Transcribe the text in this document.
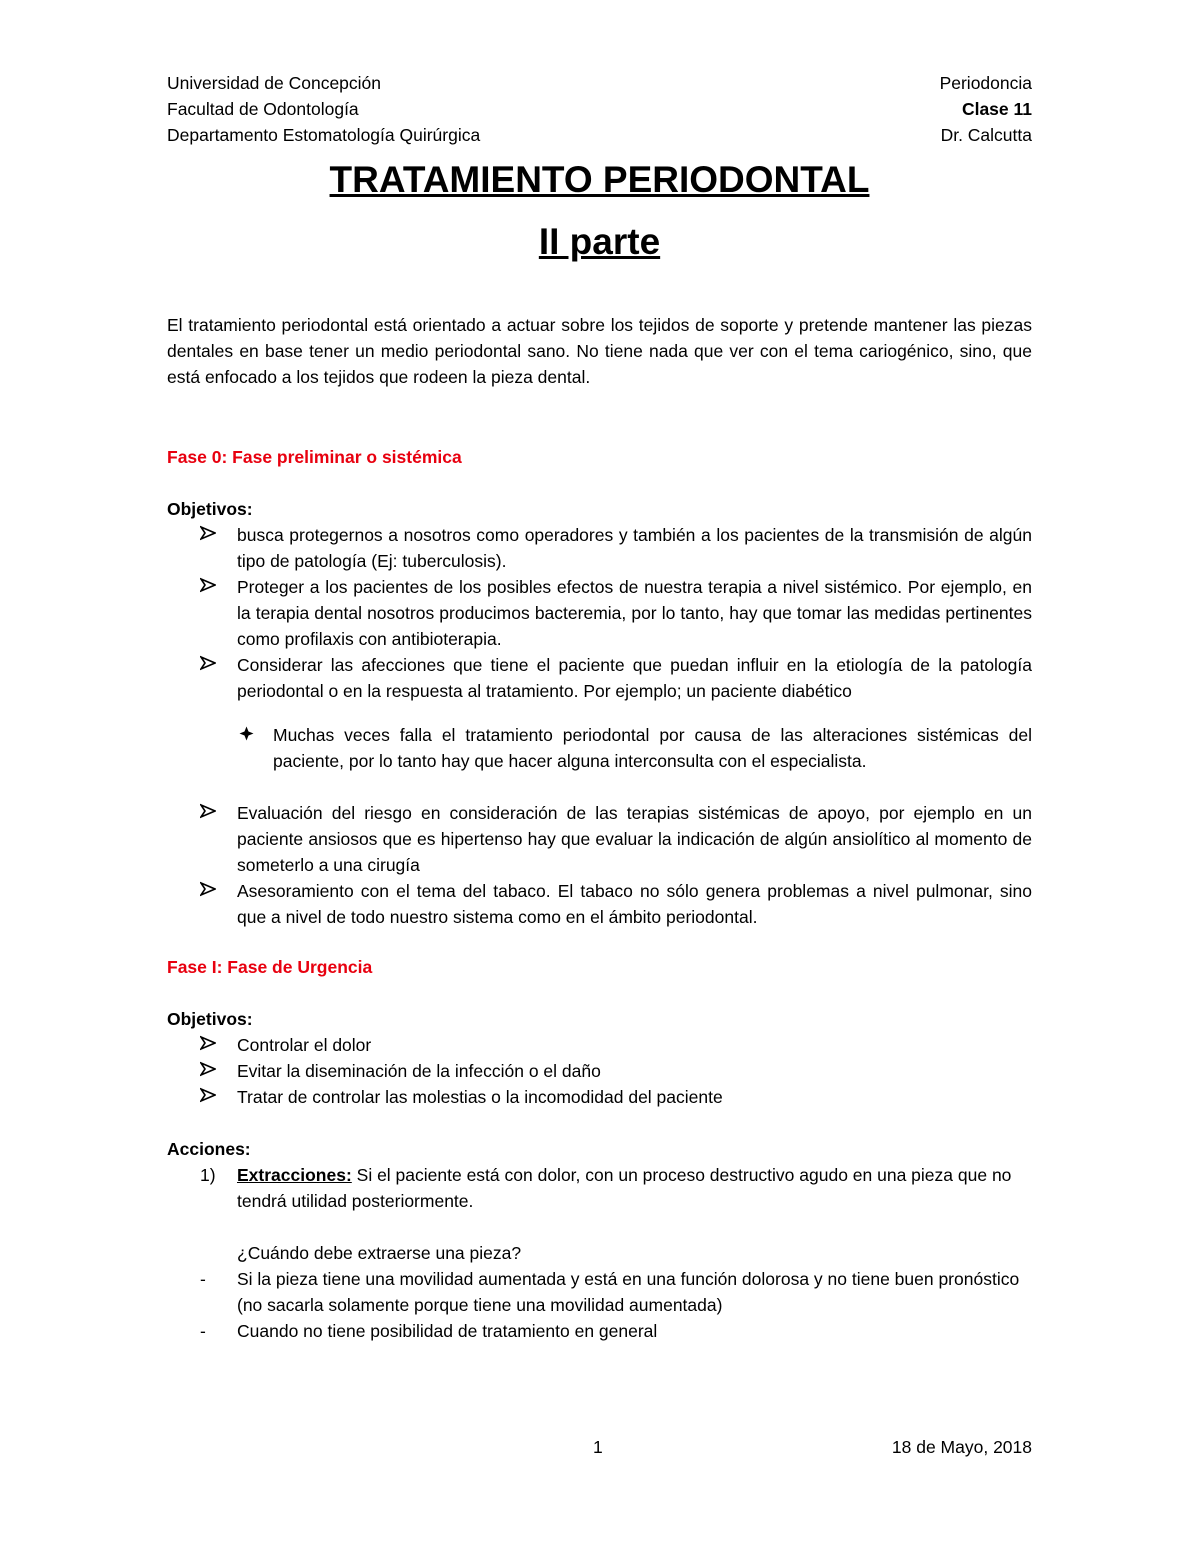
Universidad de Concepción	Periodoncia
Facultad de Odontología	Clase 11
Departamento Estomatología Quirúrgica	Dr. Calcutta
TRATAMIENTO PERIODONTAL
II parte

El tratamiento periodontal está orientado a actuar sobre los tejidos de soporte y pretende mantener las piezas dentales en base tener un medio periodontal sano. No tiene nada que ver con el tema cariogénico, sino, que está enfocado a los tejidos que rodeen la pieza dental.

Fase 0: Fase preliminar o sistémica

Objetivos:

busca protegernos a nosotros como operadores y también a los pacientes de la transmisión de algún tipo de patología (Ej: tuberculosis).
Proteger a los pacientes de los posibles efectos de nuestra terapia a nivel sistémico. Por ejemplo, en la terapia dental nosotros producimos bacteremia, por lo tanto, hay que tomar las medidas pertinentes como profilaxis con antibioterapia.
Considerar las afecciones que tiene el paciente que puedan influir en la etiología de la patología periodontal o en la respuesta al tratamiento. Por ejemplo; un paciente diabético
Muchas veces falla el tratamiento periodontal por causa de las alteraciones sistémicas del paciente, por lo tanto hay que hacer alguna interconsulta con el especialista.
Evaluación del riesgo en consideración de las terapias sistémicas de apoyo, por ejemplo en un paciente ansiosos que es hipertenso hay que evaluar la indicación de algún ansiolítico al momento de someterlo a una cirugía
Asesoramiento con el tema del tabaco. El tabaco no sólo genera problemas a nivel pulmonar, sino que a nivel de todo nuestro sistema como en el ámbito periodontal.

Fase I: Fase de Urgencia

Objetivos:

Controlar el dolor
Evitar la diseminación de la infección o el daño
Tratar de controlar las molestias o la incomodidad del paciente

Acciones:

1) Extracciones: Si el paciente está con dolor, con un proceso destructivo agudo en una pieza que no tendrá utilidad posteriormente.

¿Cuándo debe extraerse una pieza?

- Si la pieza tiene una movilidad aumentada y está en una función dolorosa y no tiene buen pronóstico (no sacarla solamente porque tiene una movilidad aumentada)
- Cuando no tiene posibilidad de tratamiento en general
1	18 de Mayo, 2018
